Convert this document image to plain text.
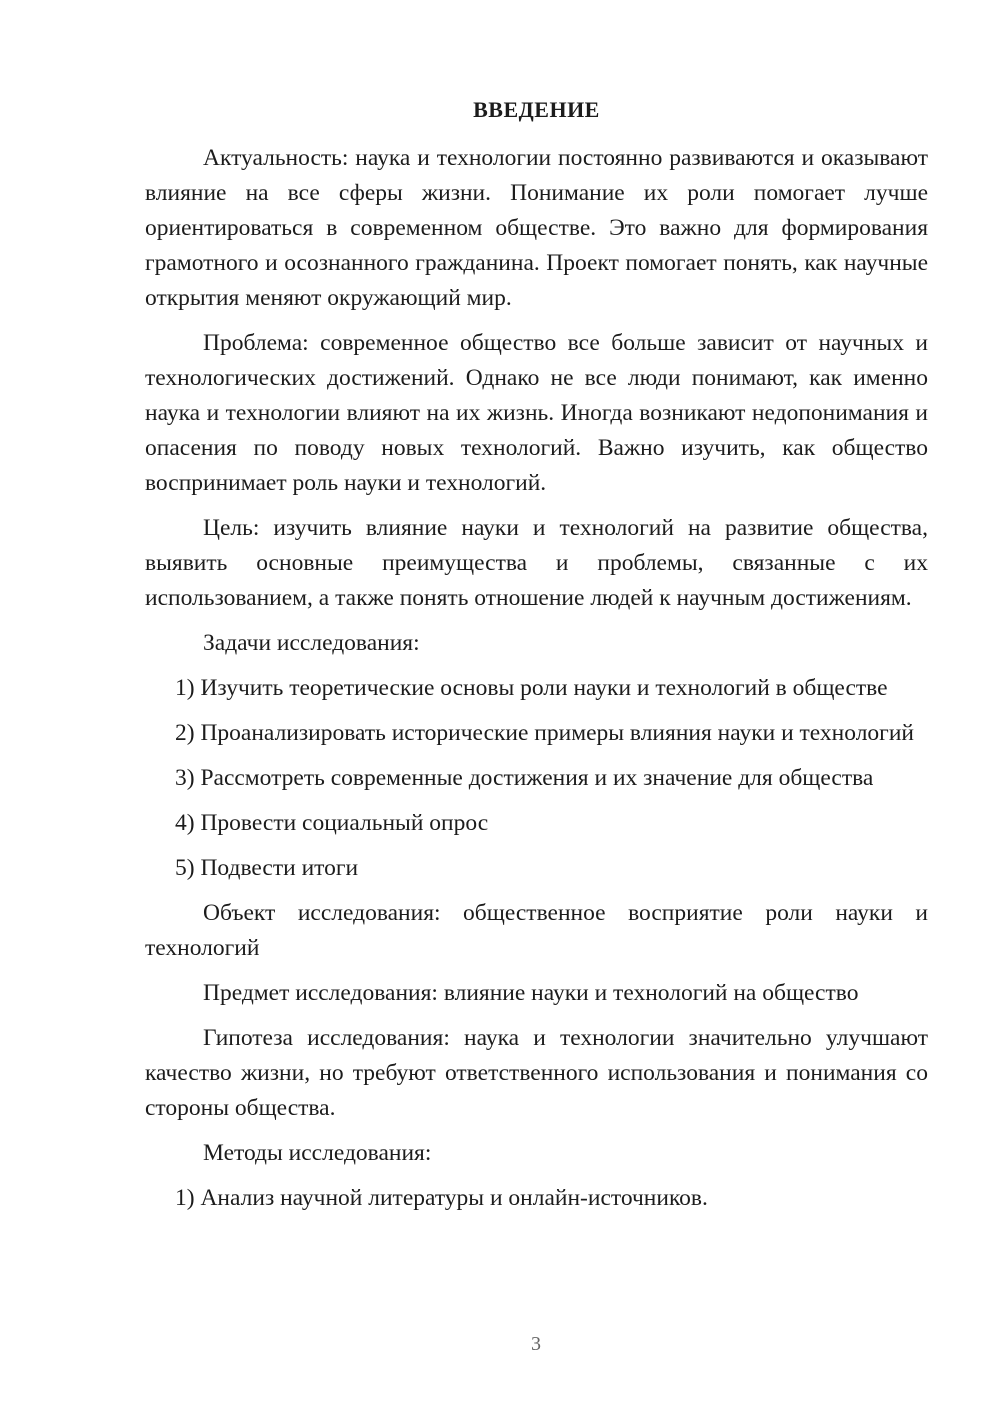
ВВЕДЕНИЕ

Актуальность: наука и технологии постоянно развиваются и оказывают влияние на все сферы жизни. Понимание их роли помогает лучше ориентироваться в современном обществе. Это важно для формирования грамотного и осознанного гражданина. Проект помогает понять, как научные открытия меняют окружающий мир.

Проблема: современное общество все больше зависит от научных и технологических достижений. Однако не все люди понимают, как именно наука и технологии влияют на их жизнь. Иногда возникают недопонимания и опасения по поводу новых технологий. Важно изучить, как общество воспринимает роль науки и технологий.

Цель: изучить влияние науки и технологий на развитие общества, выявить основные преимущества и проблемы, связанные с их использованием, а также понять отношение людей к научным достижениям.

Задачи исследования:

1) Изучить теоретические основы роли науки и технологий в обществе

2) Проанализировать исторические примеры влияния науки и технологий

3) Рассмотреть современные достижения и их значение для общества

4) Провести социальный опрос

5) Подвести итоги

Объект исследования: общественное восприятие роли науки и технологий

Предмет исследования: влияние науки и технологий на общество

Гипотеза исследования: наука и технологии значительно улучшают качество жизни, но требуют ответственного использования и понимания со стороны общества.

Методы исследования:

1) Анализ научной литературы и онлайн-источников.

3
